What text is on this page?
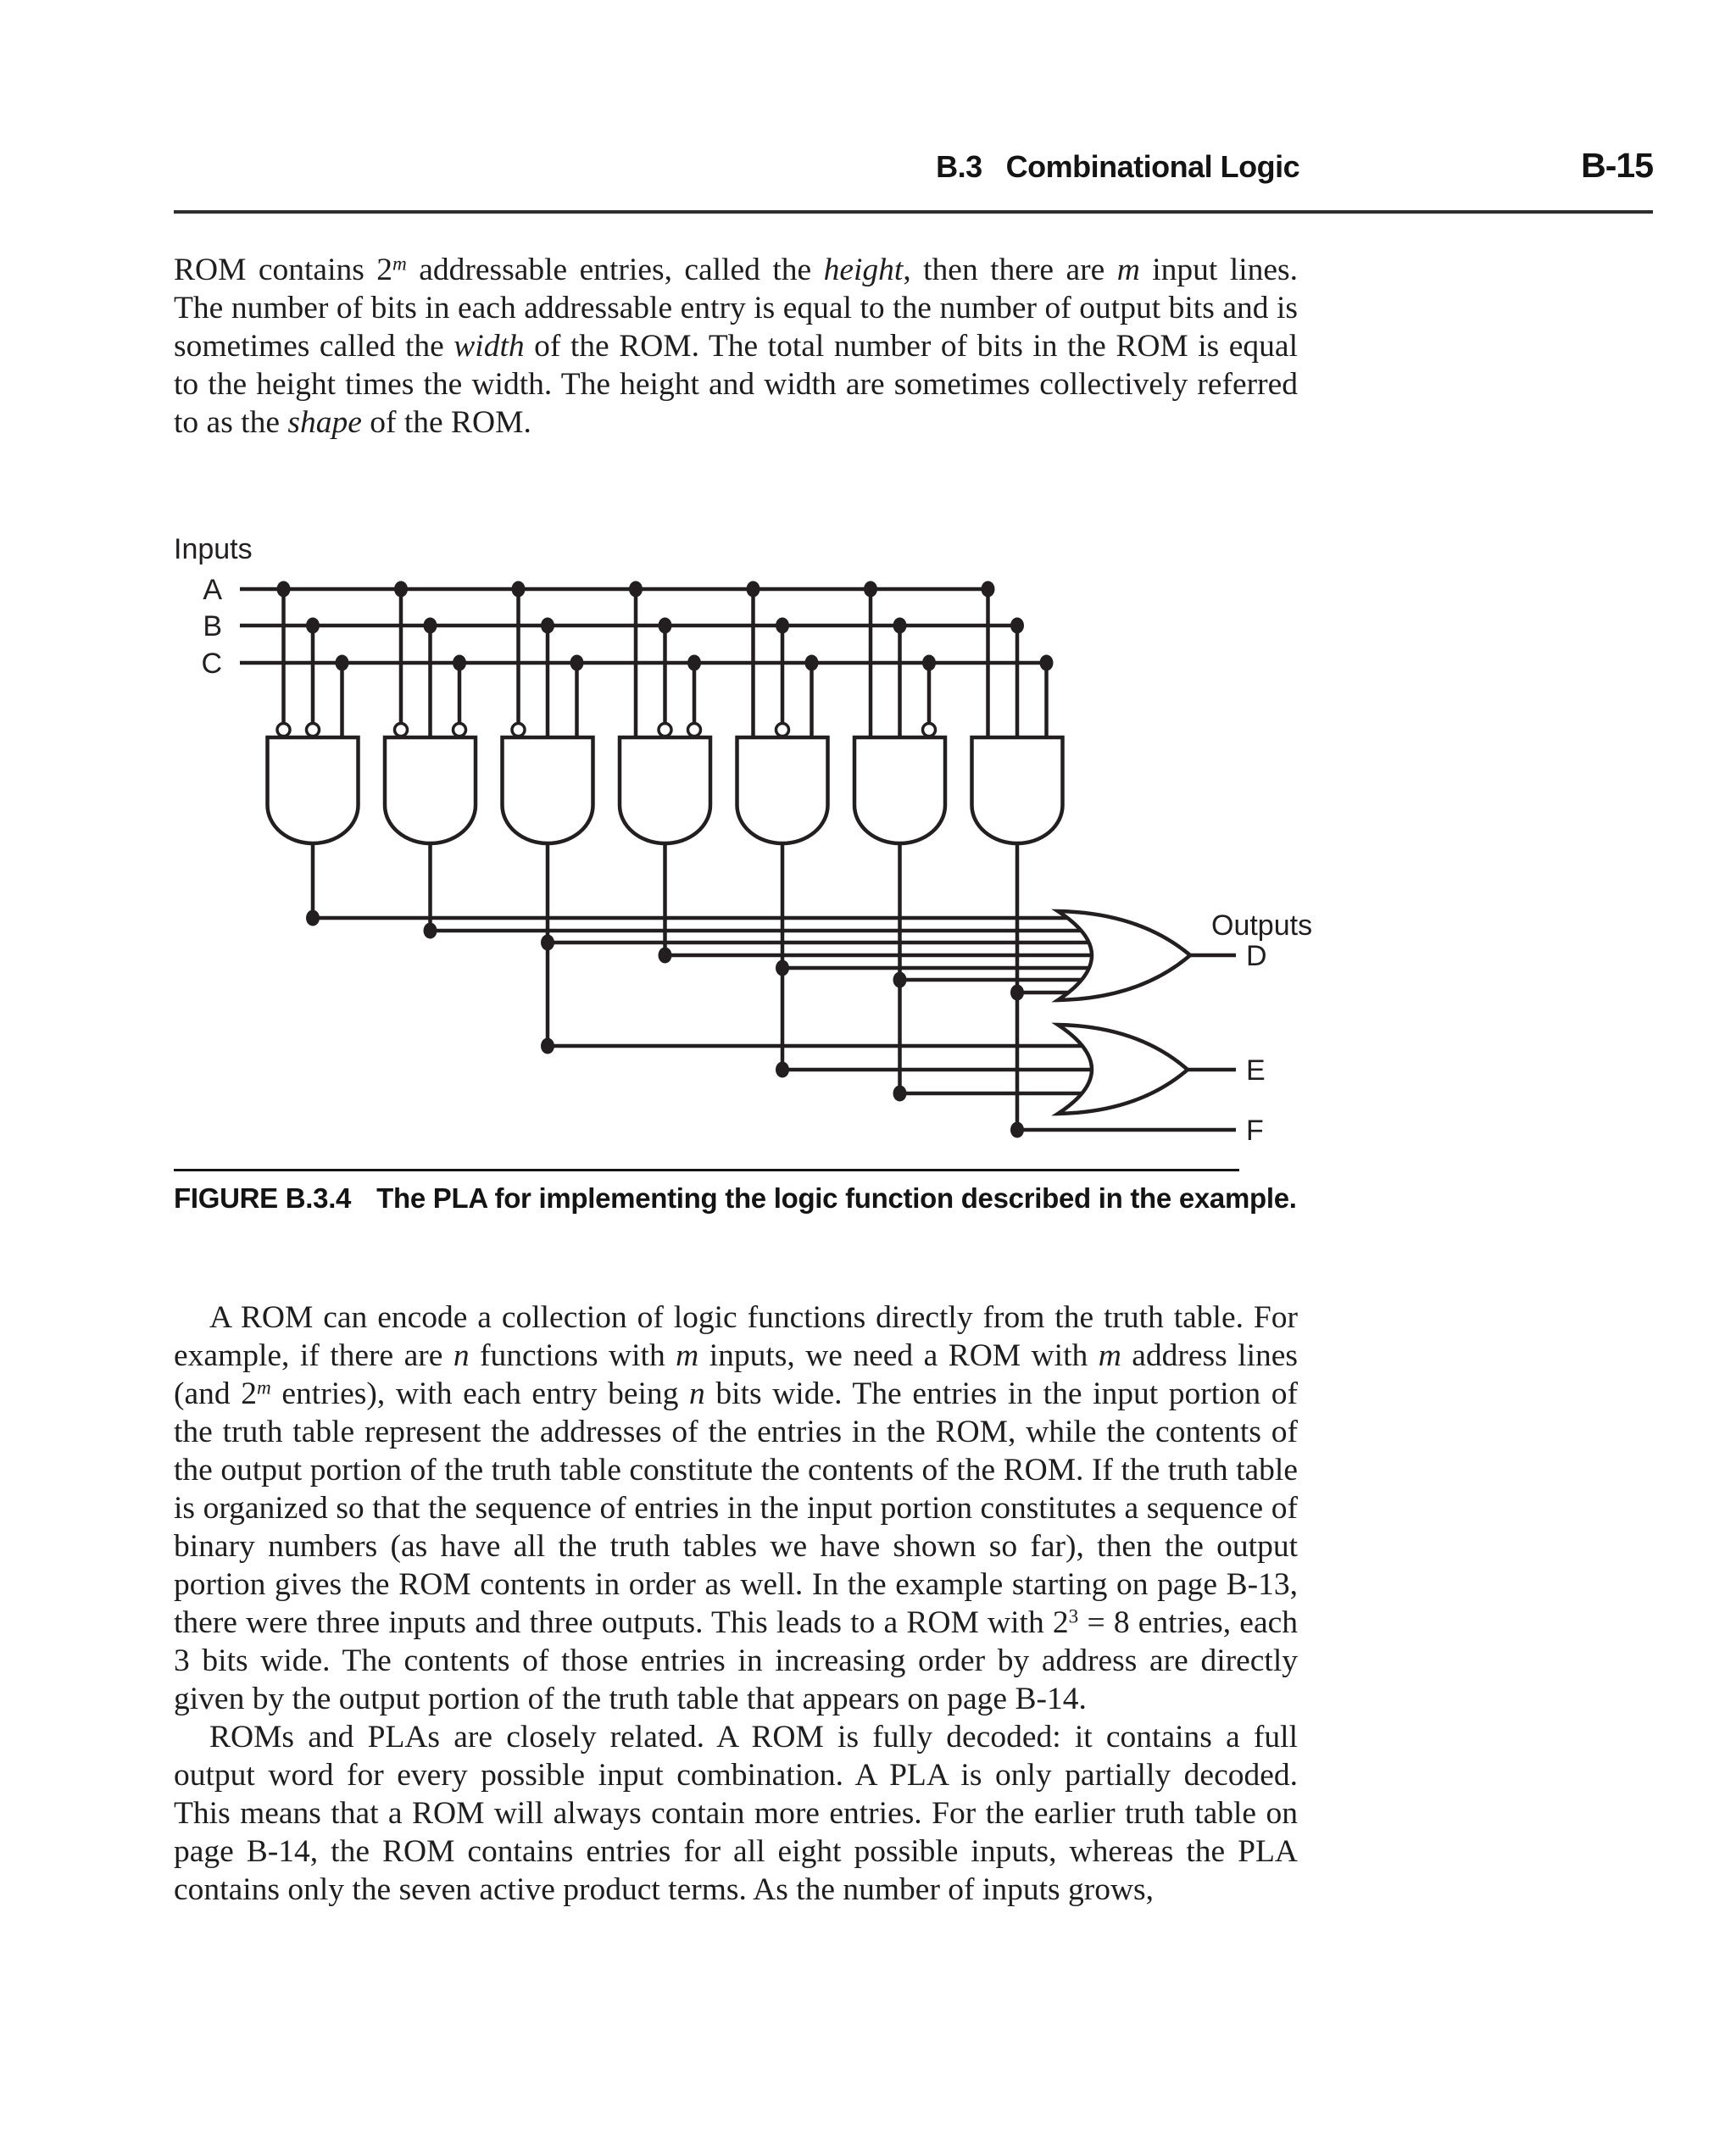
B.3 Combinational Logic	B-15

ROM contains 2$^m$ addressable entries, called the height, then there are m input lines. The number of bits in each addressable entry is equal to the number of output bits and is sometimes called the width of the ROM. The total number of bits in the ROM is equal to the height times the width. The height and width are sometimes collectively referred to as the shape of the ROM.

A
B
C
Inputs
F
D
E
Outputs
FIGURE B.3.4 The PLA for implementing the logic function described in the example.

A ROM can encode a collection of logic functions directly from the truth table. For example, if there are n functions with m inputs, we need a ROM with m address lines (and 2$^m$ entries), with each entry being n bits wide. The entries in the input portion of the truth table represent the addresses of the entries in the ROM, while the contents of the output portion of the truth table constitute the contents of the ROM. If the truth table is organized so that the sequence of entries in the input portion constitutes a sequence of binary numbers (as have all the truth tables we have shown so far), then the output portion gives the ROM contents in order as well. In the example starting on page B-13, there were three inputs and three outputs. This leads to a ROM with $2^3 = 8$ entries, each 3 bits wide. The contents of those entries in increasing order by address are directly given by the output portion of the truth table that appears on page B-14.

ROMs and PLAs are closely related. A ROM is fully decoded: it contains a full output word for every possible input combination. A PLA is only partially decoded. This means that a ROM will always contain more entries. For the earlier truth table on page B-14, the ROM contains entries for all eight possible inputs, whereas the PLA contains only the seven active product terms. As the number of inputs grows,
